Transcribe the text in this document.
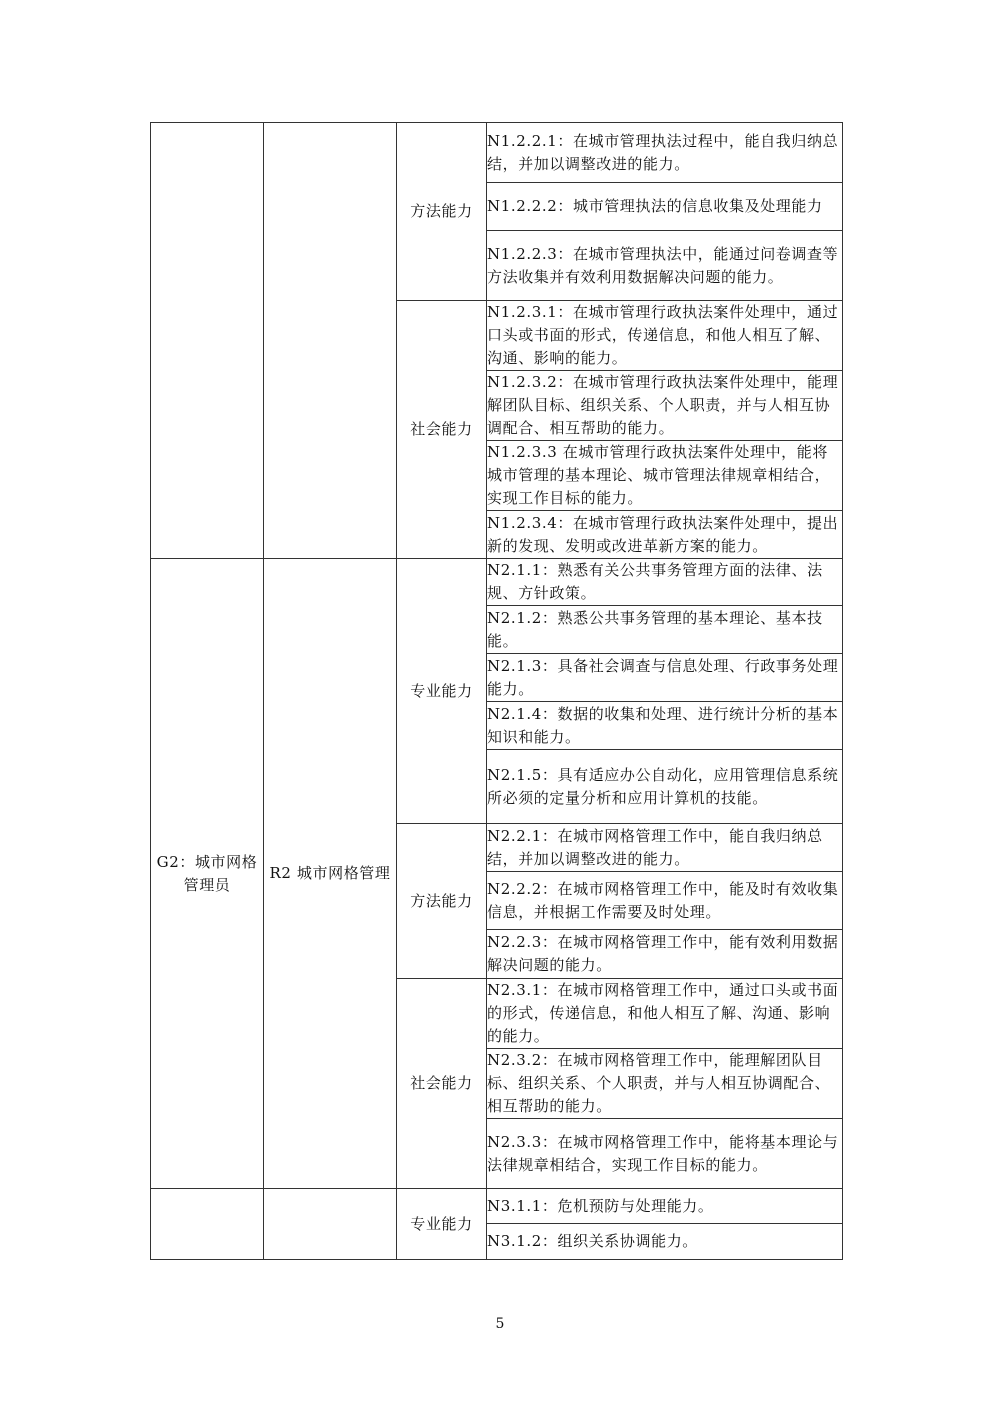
		方法能力	N1.2.2.1：在城市管理执法过程中，能自我归纳总结，并加以调整改进的能力。
			N1.2.2.2：城市管理执法的信息收集及处理能力
			N1.2.2.3：在城市管理执法中，能通过问卷调查等方法收集并有效利用数据解决问题的能力。
		社会能力	N1.2.3.1：在城市管理行政执法案件处理中，通过口头或书面的形式，传递信息，和他人相互了解、沟通、影响的能力。
			N1.2.3.2：在城市管理行政执法案件处理中，能理解团队目标、组织关系、个人职责，并与人相互协调配合、相互帮助的能力。
			N1.2.3.3 在城市管理行政执法案件处理中，能将城市管理的基本理论、城市管理法律规章相结合，实现工作目标的能力。
			N1.2.3.4：在城市管理行政执法案件处理中，提出新的发现、发明或改进革新方案的能力。
G2：城市网格管理员	R2 城市网格管理	专业能力	N2.1.1：熟悉有关公共事务管理方面的法律、法规、方针政策。
			N2.1.2：熟悉公共事务管理的基本理论、基本技能。
			N2.1.3：具备社会调查与信息处理、行政事务处理能力。
			N2.1.4：数据的收集和处理、进行统计分析的基本知识和能力。
			N2.1.5：具有适应办公自动化，应用管理信息系统所必须的定量分析和应用计算机的技能。
		方法能力	N2.2.1：在城市网格管理工作中，能自我归纳总结，并加以调整改进的能力。
			N2.2.2：在城市网格管理工作中，能及时有效收集信息，并根据工作需要及时处理。
			N2.2.3：在城市网格管理工作中，能有效利用数据解决问题的能力。
		社会能力	N2.3.1：在城市网格管理工作中，通过口头或书面的形式，传递信息，和他人相互了解、沟通、影响的能力。
			N2.3.2：在城市网格管理工作中，能理解团队目标、组织关系、个人职责，并与人相互协调配合、相互帮助的能力。
			N2.3.3：在城市网格管理工作中，能将基本理论与法律规章相结合，实现工作目标的能力。
		专业能力	N3.1.1：危机预防与处理能力。
			N3.1.2：组织关系协调能力。
5
